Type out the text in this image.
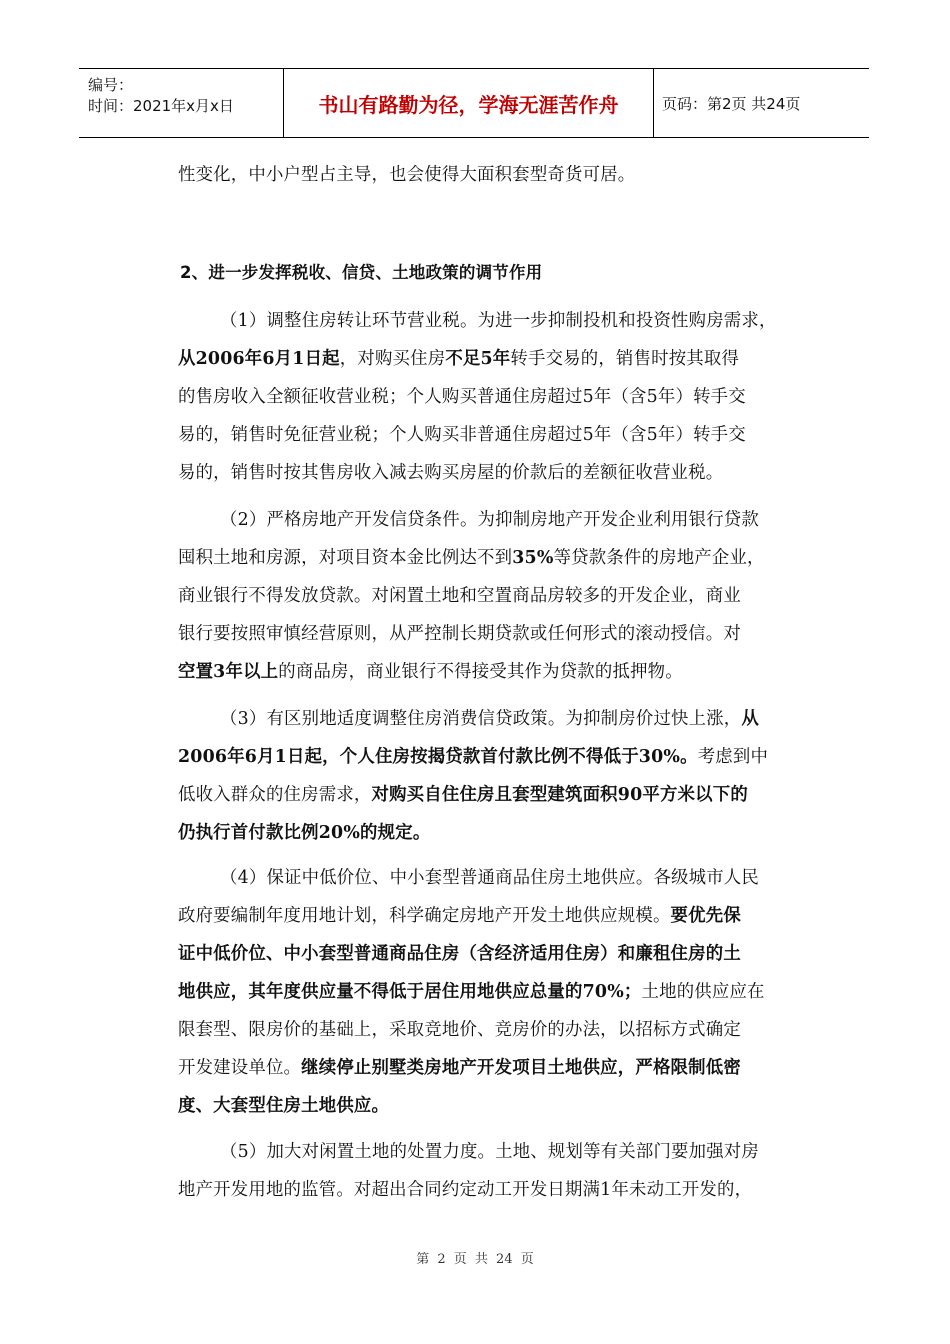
编号：
时间：2021年x月x日	书山有路勤为径，学海无涯苦作舟	页码：第2页 共24页
性变化，中小户型占主导，也会使得大面积套型奇货可居。
2、进一步发挥税收、信贷、土地政策的调节作用
（1）调整住房转让环节营业税。为进一步抑制投机和投资性购房需求，
从2006年6月1日起，对购买住房不足5年转手交易的，销售时按其取得
的售房收入全额征收营业税；个人购买普通住房超过5年（含5年）转手交
易的，销售时免征营业税；个人购买非普通住房超过5年（含5年）转手交
易的，销售时按其售房收入减去购买房屋的价款后的差额征收营业税。
（2）严格房地产开发信贷条件。为抑制房地产开发企业利用银行贷款
囤积土地和房源，对项目资本金比例达不到35%等贷款条件的房地产企业，
商业银行不得发放贷款。对闲置土地和空置商品房较多的开发企业，商业
银行要按照审慎经营原则，从严控制长期贷款或任何形式的滚动授信。对
空置3年以上的商品房，商业银行不得接受其作为贷款的抵押物。
（3）有区别地适度调整住房消费信贷政策。为抑制房价过快上涨，从
2006年6月1日起，个人住房按揭贷款首付款比例不得低于30%。考虑到中
低收入群众的住房需求，对购买自住住房且套型建筑面积90平方米以下的
仍执行首付款比例20%的规定。
（4）保证中低价位、中小套型普通商品住房土地供应。各级城市人民
政府要编制年度用地计划，科学确定房地产开发土地供应规模。要优先保
证中低价位、中小套型普通商品住房（含经济适用住房）和廉租住房的土
地供应，其年度供应量不得低于居住用地供应总量的70%；土地的供应应在
限套型、限房价的基础上，采取竞地价、竞房价的办法，以招标方式确定
开发建设单位。继续停止别墅类房地产开发项目土地供应，严格限制低密
度、大套型住房土地供应。
（5）加大对闲置土地的处置力度。土地、规划等有关部门要加强对房
地产开发用地的监管。对超出合同约定动工开发日期满1年未动工开发的，
第 2 页 共 24 页
